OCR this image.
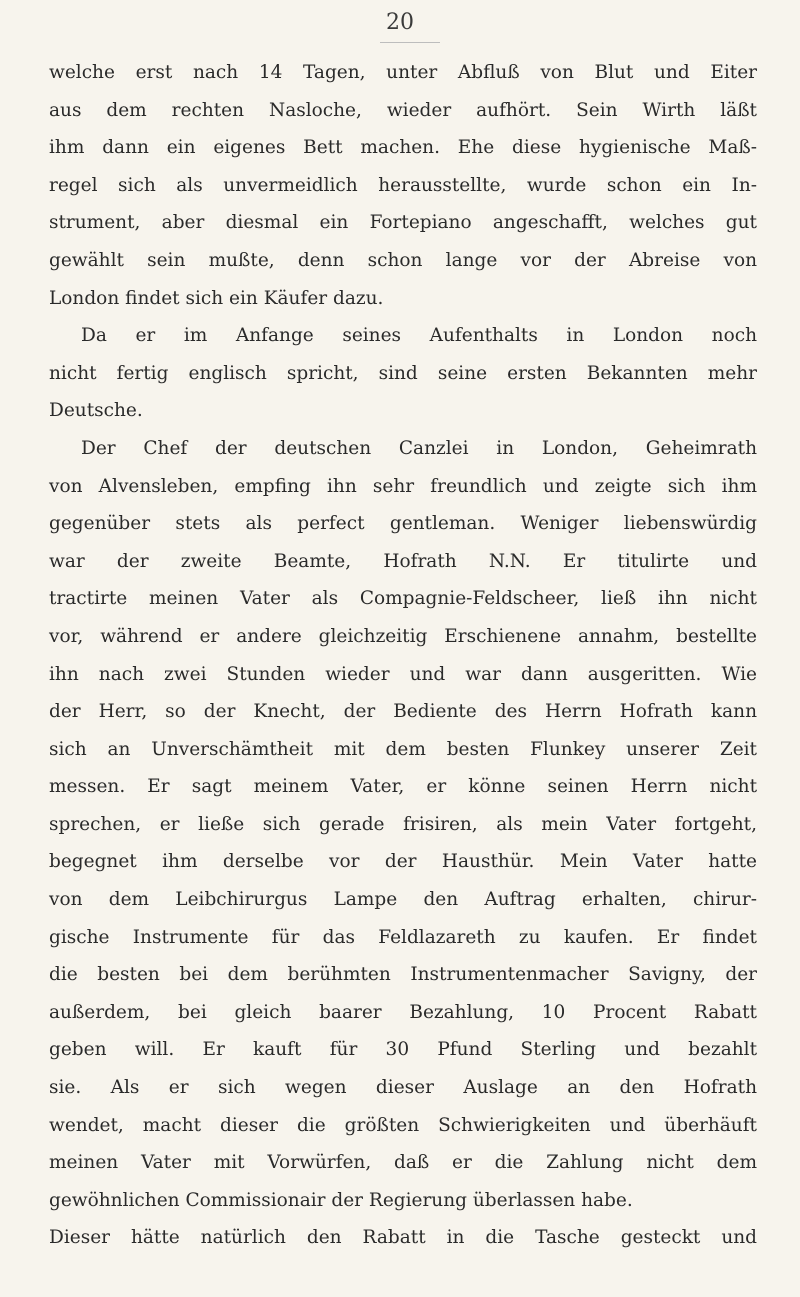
20

welche erst nach 14 Tagen, unter Abfluß von Blut und Eiter

aus dem rechten Nasloche, wieder aufhört. Sein Wirth läßt

ihm dann ein eigenes Bett machen. Ehe diese hygienische Maß-

regel sich als unvermeidlich herausstellte, wurde schon ein In-

strument, aber diesmal ein Fortepiano angeschafft, welches gut

gewählt sein mußte, denn schon lange vor der Abreise von

London findet sich ein Käufer dazu.

Da er im Anfange seines Aufenthalts in London noch

nicht fertig englisch spricht, sind seine ersten Bekannten mehr

Deutsche.

Der Chef der deutschen Canzlei in London, Geheimrath

von Alvensleben, empfing ihn sehr freundlich und zeigte sich ihm

gegenüber stets als perfect gentleman. Weniger liebenswürdig

war der zweite Beamte, Hofrath N.N. Er titulirte und

tractirte meinen Vater als Compagnie-Feldscheer, ließ ihn nicht

vor, während er andere gleichzeitig Erschienene annahm, bestellte

ihn nach zwei Stunden wieder und war dann ausgeritten. Wie

der Herr, so der Knecht, der Bediente des Herrn Hofrath kann

sich an Unverschämtheit mit dem besten Flunkey unserer Zeit

messen. Er sagt meinem Vater, er könne seinen Herrn nicht

sprechen, er ließe sich gerade frisiren, als mein Vater fortgeht,

begegnet ihm derselbe vor der Hausthür. Mein Vater hatte

von dem Leibchirurgus Lampe den Auftrag erhalten, chirur-

gische Instrumente für das Feldlazareth zu kaufen. Er findet

die besten bei dem berühmten Instrumentenmacher Savigny, der

außerdem, bei gleich baarer Bezahlung, 10 Procent Rabatt

geben will. Er kauft für 30 Pfund Sterling und bezahlt

sie. Als er sich wegen dieser Auslage an den Hofrath

wendet, macht dieser die größten Schwierigkeiten und überhäuft

meinen Vater mit Vorwürfen, daß er die Zahlung nicht dem

gewöhnlichen Commissionair der Regierung überlassen habe.

Dieser hätte natürlich den Rabatt in die Tasche gesteckt und
